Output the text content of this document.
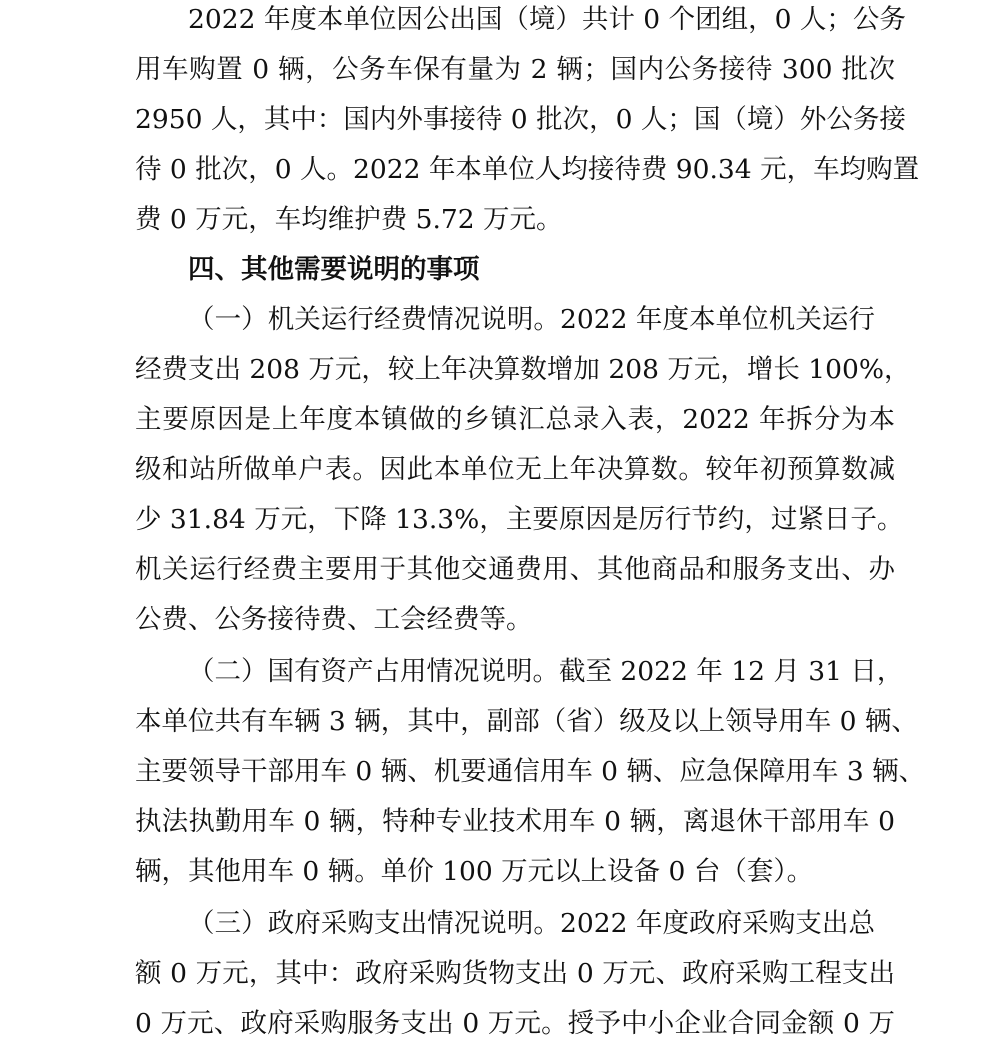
2022 年度本单位因公出国（境）共计 0 个团组，0 人；公务
用车购置 0 辆，公务车保有量为 2 辆；国内公务接待 300 批次
2950 人，其中：国内外事接待 0 批次，0 人；国（境）外公务接
待 0 批次，0 人。2022 年本单位人均接待费 90.34 元，车均购置
费 0 万元，车均维护费 5.72 万元。
四、其他需要说明的事项
（一）机关运行经费情况说明。2022 年度本单位机关运行
经费支出 208 万元，较上年决算数增加 208 万元，增长 100%，
主要原因是上年度本镇做的乡镇汇总录入表，2022 年拆分为本
级和站所做单户表。因此本单位无上年决算数。较年初预算数减
少 31.84 万元，下降 13.3%，主要原因是厉行节约，过紧日子。
机关运行经费主要用于其他交通费用、其他商品和服务支出、办
公费、公务接待费、工会经费等。
（二）国有资产占用情况说明。截至 2022 年 12 月 31 日，
本单位共有车辆 3 辆，其中，副部（省）级及以上领导用车 0 辆、
主要领导干部用车 0 辆、机要通信用车 0 辆、应急保障用车 3 辆、
执法执勤用车 0 辆，特种专业技术用车 0 辆，离退休干部用车 0
辆，其他用车 0 辆。单价 100 万元以上设备 0 台（套）。
（三）政府采购支出情况说明。2022 年度政府采购支出总
额 0 万元，其中：政府采购货物支出 0 万元、政府采购工程支出
0 万元、政府采购服务支出 0 万元。授予中小企业合同金额 0 万
